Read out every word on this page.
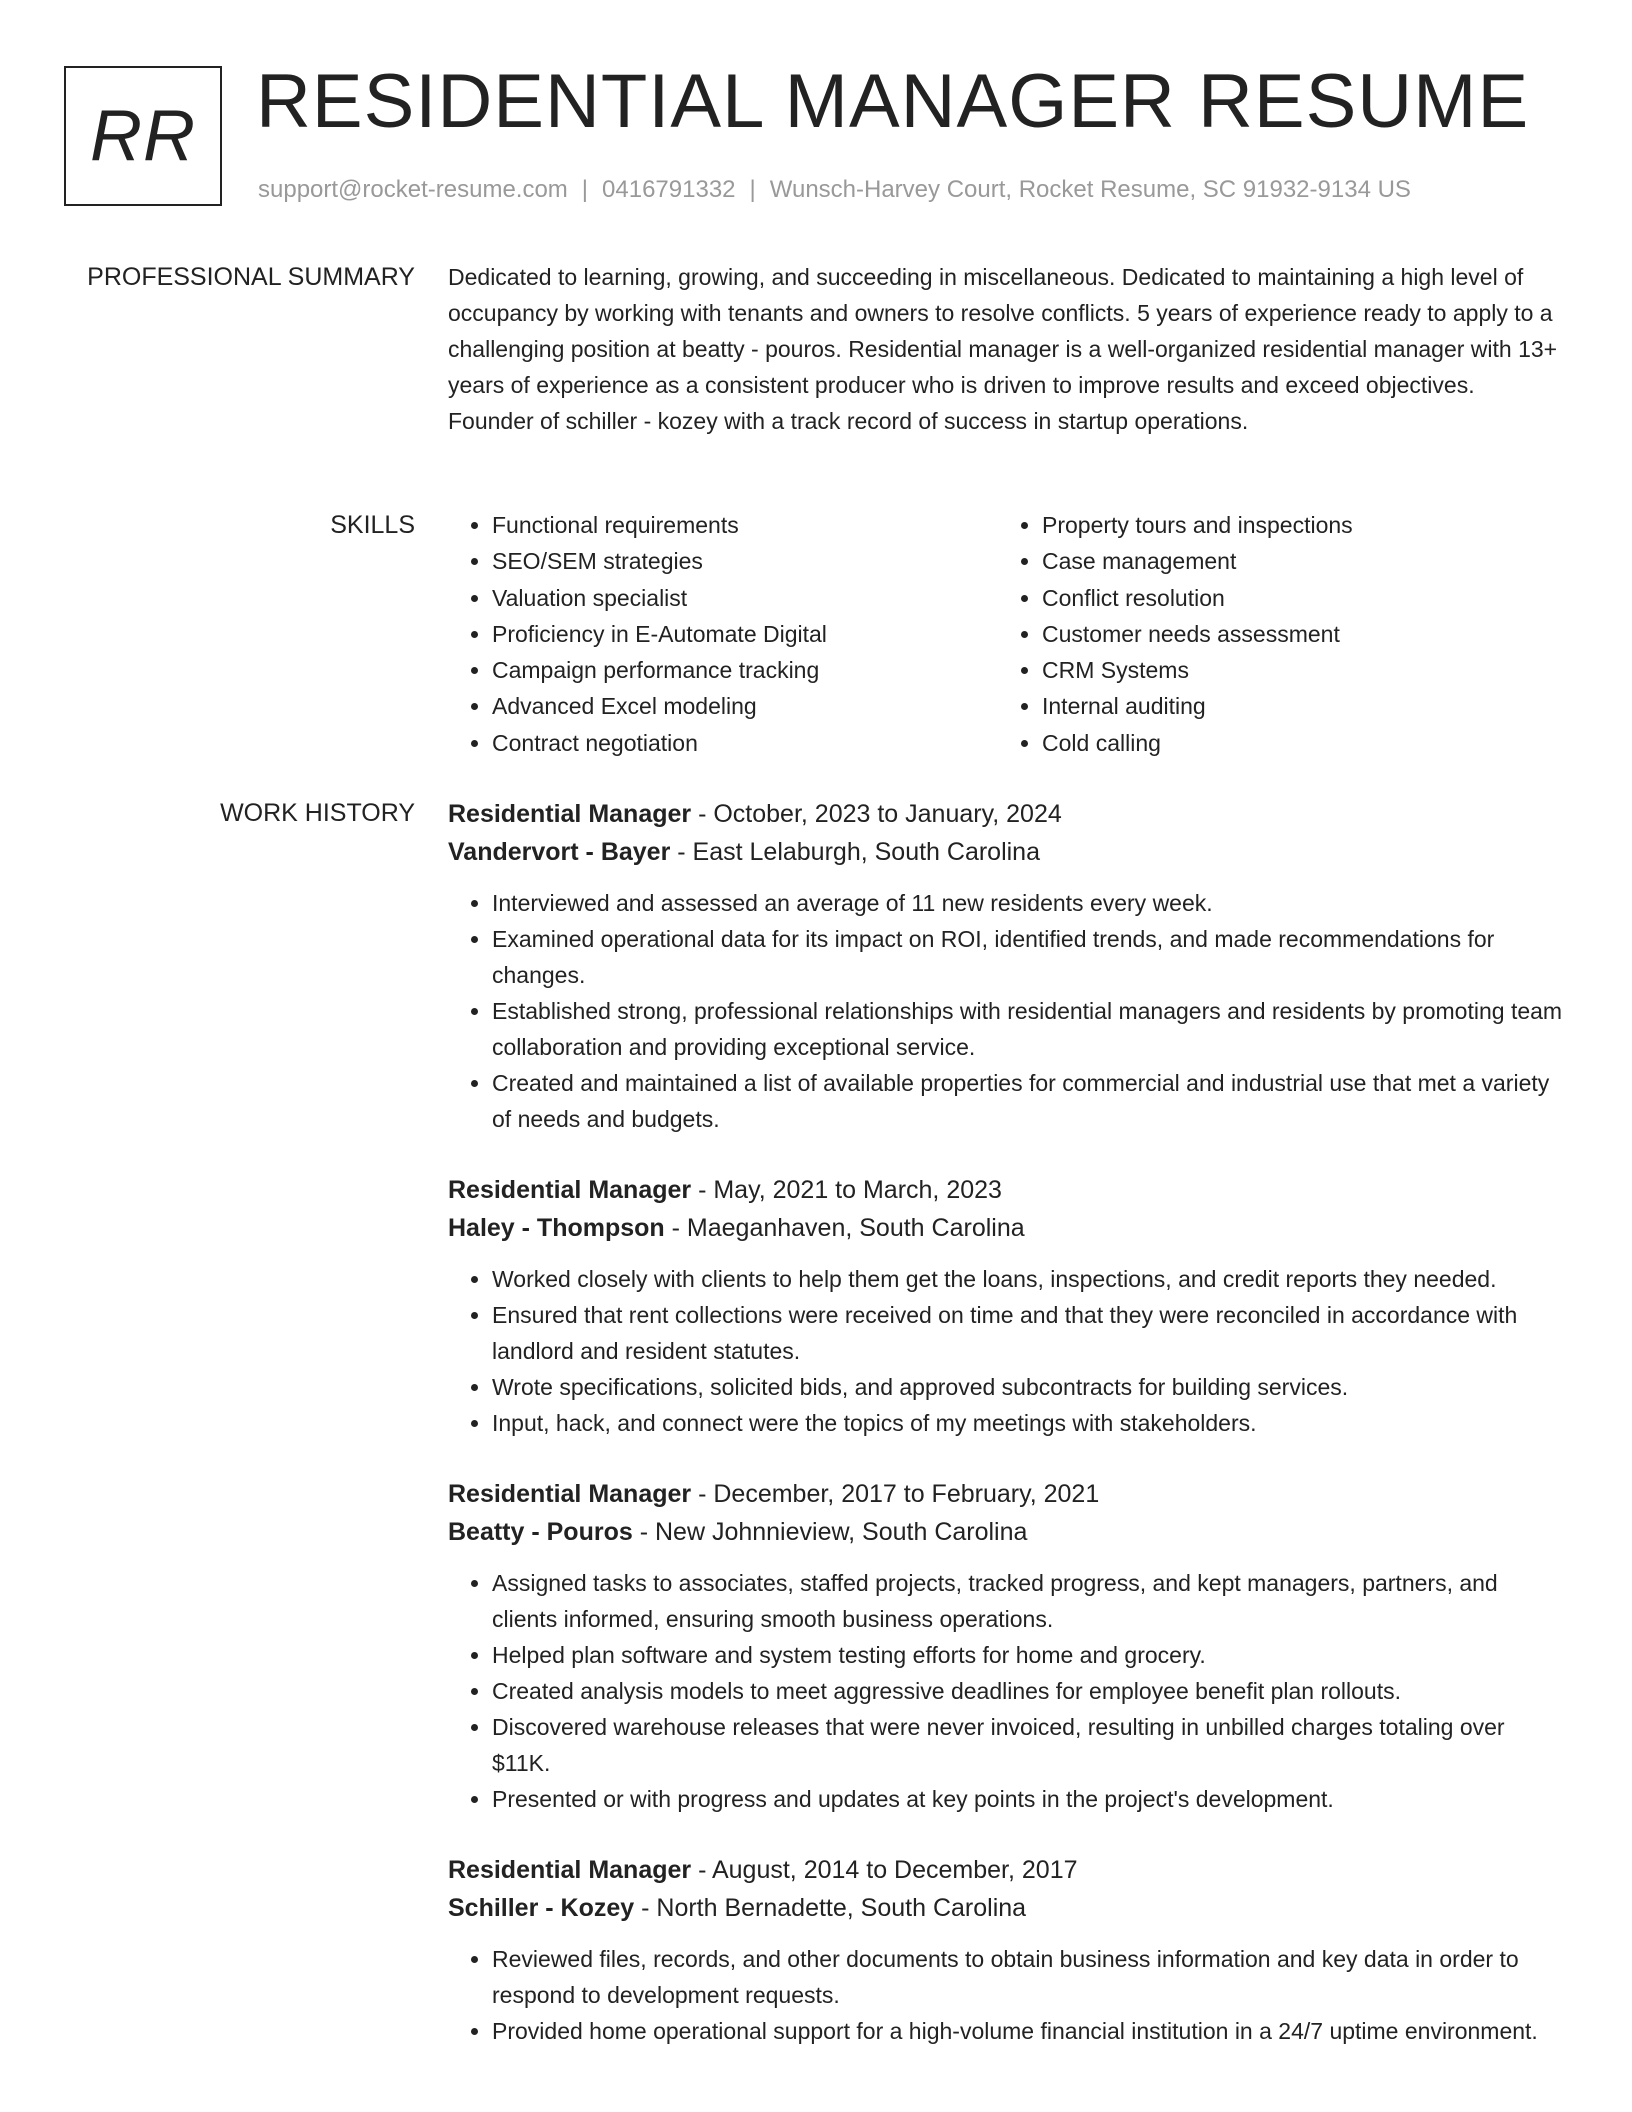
RR RESIDENTIAL MANAGER RESUME
support@rocket-resume.com | 0416791332 | Wunsch-Harvey Court, Rocket Resume, SC 91932-9134 US
PROFESSIONAL SUMMARY Dedicated to learning, growing, and succeeding in miscellaneous. Dedicated to maintaining a high level of occupancy by working with tenants and owners to resolve conflicts. 5 years of experience ready to apply to a challenging position at beatty - pouros. Residential manager is a well-organized residential manager with 13+ years of experience as a consistent producer who is driven to improve results and exceed objectives. Founder of schiller - kozey with a track record of success in startup operations.

SKILLS
•	Functional requirements
• SEO/SEM strategies
• Valuation specialist
• Proficiency in E-Automate Digital
• Campaign performance tracking
• Advanced Excel modeling
• Contract negotiation
• Property tours and inspections
• Case management
• Conflict resolution
• Customer needs assessment
• CRM Systems
• Internal auditing
• Cold calling
WORK HISTORY Residential Manager - October, 2023 to January, 2024
Vandervort - Bayer - East Lelaburgh, South Carolina
• Interviewed and assessed an average of 11 new residents every week.
• Examined operational data for its impact on ROI, identified trends, and made recommendations for changes.
• Established strong, professional relationships with residential managers and residents by promoting team collaboration and providing exceptional service.
• Created and maintained a list of available properties for commercial and industrial use that met a variety of needs and budgets.
Residential Manager - May, 2021 to March, 2023
Haley - Thompson - Maeganhaven, South Carolina
• Worked closely with clients to help them get the loans, inspections, and credit reports they needed.
• Ensured that rent collections were received on time and that they were reconciled in accordance with landlord and resident statutes.
• Wrote specifications, solicited bids, and approved subcontracts for building services.
• Input, hack, and connect were the topics of my meetings with stakeholders.
Residential Manager - December, 2017 to February, 2021
Beatty - Pouros - New Johnnieview, South Carolina
• Assigned tasks to associates, staffed projects, tracked progress, and kept managers, partners, and clients informed, ensuring smooth business operations.
• Helped plan software and system testing efforts for home and grocery.
• Created analysis models to meet aggressive deadlines for employee benefit plan rollouts.
• Discovered warehouse releases that were never invoiced, resulting in unbilled charges totaling over $11K.
• Presented or with progress and updates at key points in the project's development.
Residential Manager - August, 2014 to December, 2017
Schiller - Kozey - North Bernadette, South Carolina
• Reviewed files, records, and other documents to obtain business information and key data in order to respond to development requests.
• Provided home operational support for a high-volume financial institution in a 24/7 uptime environment.
